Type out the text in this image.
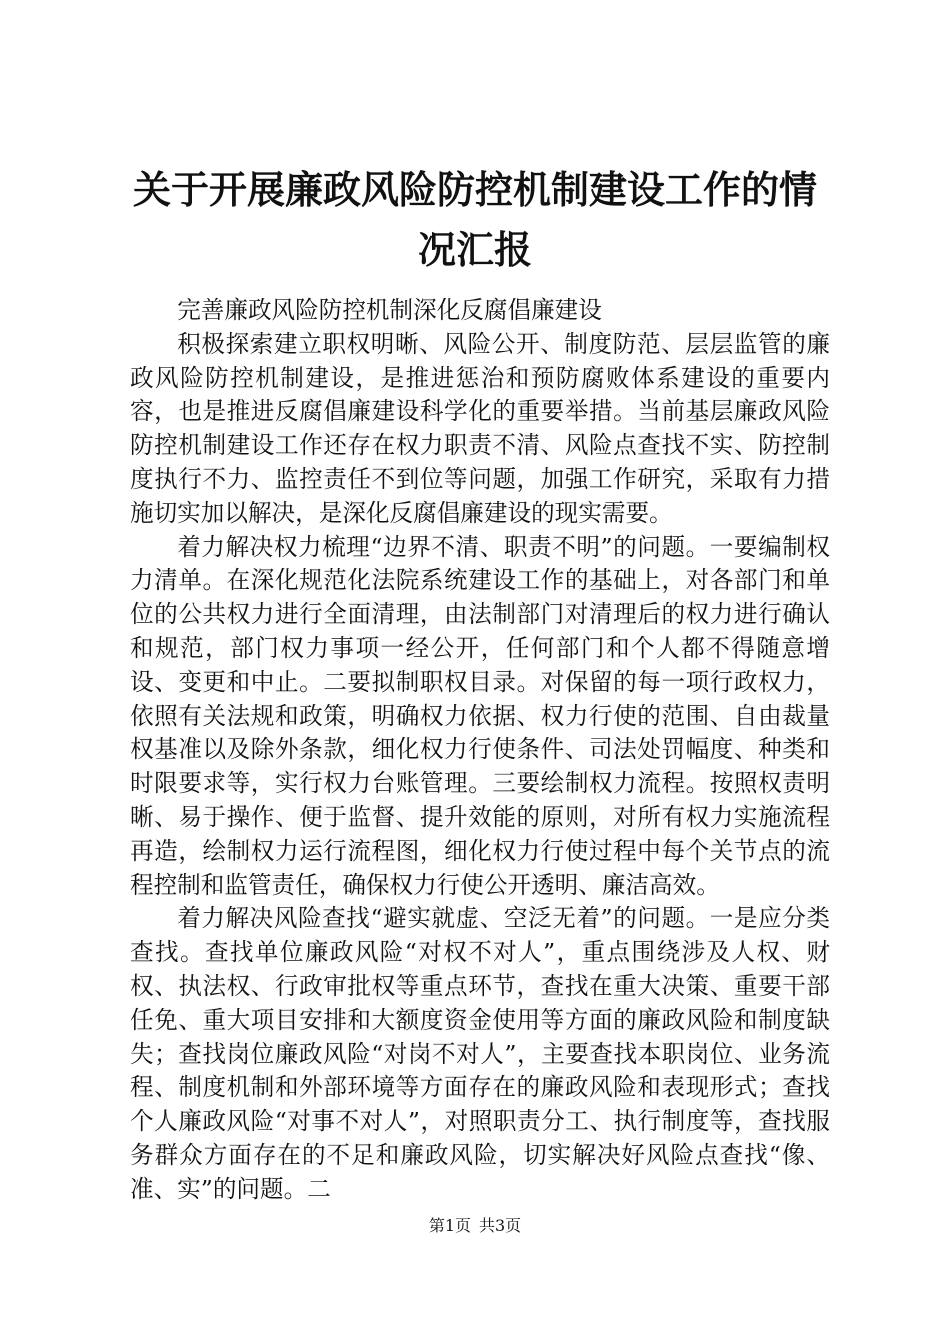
关于开展廉政风险防控机制建设工作的情况汇报

完善廉政风险防控机制深化反腐倡廉建设

积极探索建立职权明晰、风险公开、制度防范、层层监管的廉政风险防控机制建设，是推进惩治和预防腐败体系建设的重要内容，也是推进反腐倡廉建设科学化的重要举措。当前基层廉政风险防控机制建设工作还存在权力职责不清、风险点查找不实、防控制度执行不力、监控责任不到位等问题，加强工作研究，采取有力措施切实加以解决，是深化反腐倡廉建设的现实需要。

着力解决权力梳理“边界不清、职责不明”的问题。一要编制权力清单。在深化规范化法院系统建设工作的基础上，对各部门和单位的公共权力进行全面清理，由法制部门对清理后的权力进行确认和规范，部门权力事项一经公开，任何部门和个人都不得随意增设、变更和中止。二要拟制职权目录。对保留的每一项行政权力，依照有关法规和政策，明确权力依据、权力行使的范围、自由裁量权基准以及除外条款，细化权力行使条件、司法处罚幅度、种类和时限要求等，实行权力台账管理。三要绘制权力流程。按照权责明晰、易于操作、便于监督、提升效能的原则，对所有权力实施流程再造，绘制权力运行流程图，细化权力行使过程中每个关节点的流程控制和监管责任，确保权力行使公开透明、廉洁高效。

着力解决风险查找“避实就虚、空泛无着”的问题。一是应分类查找。查找单位廉政风险“对权不对人”，重点围绕涉及人权、财权、执法权、行政审批权等重点环节，查找在重大决策、重要干部任免、重大项目安排和大额度资金使用等方面的廉政风险和制度缺失；查找岗位廉政风险“对岗不对人”，主要查找本职岗位、业务流程、制度机制和外部环境等方面存在的廉政风险和表现形式；查找个人廉政风险“对事不对人”，对照职责分工、执行制度等，查找服务群众方面存在的不足和廉政风险，切实解决好风险点查找“像、准、实”的问题。二

第1页 共3页
